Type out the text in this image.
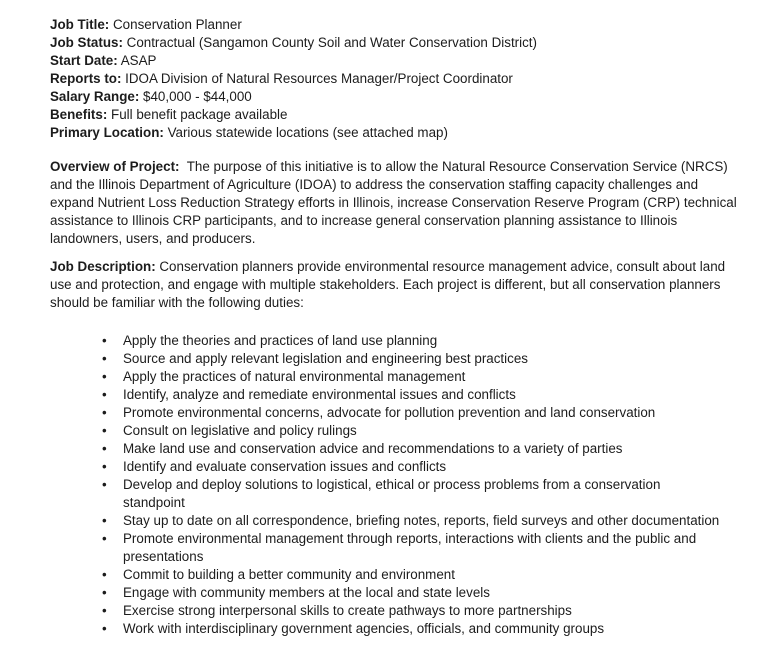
Job Title: Conservation Planner

Job Status: Contractual (Sangamon County Soil and Water Conservation District)

Start Date: ASAP

Reports to: IDOA Division of Natural Resources Manager/Project Coordinator

Salary Range: $40,000 - $44,000

Benefits: Full benefit package available

Primary Location: Various statewide locations (see attached map)

Overview of Project:  The purpose of this initiative is to allow the Natural Resource Conservation Service (NRCS)
and the Illinois Department of Agriculture (IDOA) to address the conservation staffing capacity challenges and
expand Nutrient Loss Reduction Strategy efforts in Illinois, increase Conservation Reserve Program (CRP) technical
assistance to Illinois CRP participants, and to increase general conservation planning assistance to Illinois
landowners, users, and producers.
Job Description: Conservation planners provide environmental resource management advice, consult about land
use and protection, and engage with multiple stakeholders. Each project is different, but all conservation planners
should be familiar with the following duties:
• Apply the theories and practices of land use planning
• Source and apply relevant legislation and engineering best practices
• Apply the practices of natural environmental management
• Identify, analyze and remediate environmental issues and conflicts
• Promote environmental concerns, advocate for pollution prevention and land conservation
• Consult on legislative and policy rulings
• Make land use and conservation advice and recommendations to a variety of parties
• Identify and evaluate conservation issues and conflicts
• Develop and deploy solutions to logistical, ethical or process problems from a conservation
standpoint
• Stay up to date on all correspondence, briefing notes, reports, field surveys and other documentation
• Promote environmental management through reports, interactions with clients and the public and
presentations
• Commit to building a better community and environment
• Engage with community members at the local and state levels
• Exercise strong interpersonal skills to create pathways to more partnerships
• Work with interdisciplinary government agencies, officials, and community groups
